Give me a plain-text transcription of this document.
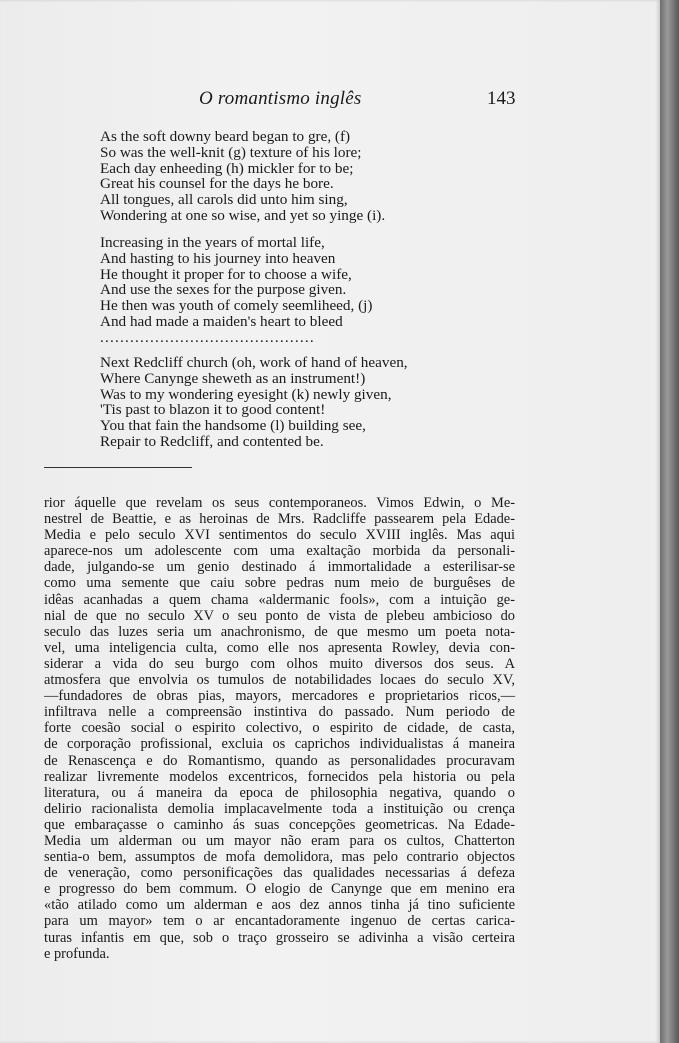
O romantismo inglês	143
As the soft downy beard began to gre, (f)
So was the well-knit (g) texture of his lore;
Each day enheeding (h) mickler for to be;
Great his counsel for the days he bore.
All tongues, all carols did unto him sing,
Wondering at one so wise, and yet so yinge (i).
Increasing in the years of mortal life,
And hasting to his journey into heaven
He thought it proper for to choose a wife,
And use the sexes for the purpose given.
He then was youth of comely seemliheed, (j)
And had made a maiden's heart to bleed
...........................................
Next Redcliff church (oh, work of hand of heaven,
Where Canynge sheweth as an instrument!)
Was to my wondering eyesight (k) newly given,
'Tis past to blazon it to good content!
You that fain the handsome (l) building see,
Repair to Redcliff, and contented be.
rior áquelle que revelam os seus contemporaneos. Vimos Edwin, o Me-
nestrel de Beattie, e as heroinas de Mrs. Radcliffe passearem pela Edade-
Media e pelo seculo XVI sentimentos do seculo XVIII inglês. Mas aqui
aparece-nos um adolescente com uma exaltação morbida da personali-
dade, julgando-se um genio destinado á immortalidade a esterilisar-se
como uma semente que caiu sobre pedras num meio de burguêses de
idêas acanhadas a quem chama «aldermanic fools», com a intuição ge-
nial de que no seculo XV o seu ponto de vista de plebeu ambicioso do
seculo das luzes seria um anachronismo, de que mesmo um poeta nota-
vel, uma inteligencia culta, como elle nos apresenta Rowley, devia con-
siderar a vida do seu burgo com olhos muito diversos dos seus. A
atmosfera que envolvia os tumulos de notabilidades locaes do seculo XV,
—fundadores de obras pias, mayors, mercadores e proprietarios ricos,—
infiltrava nelle a compreensão instintiva do passado. Num periodo de
forte coesão social o espirito colectivo, o espirito de cidade, de casta,
de corporação profissional, excluia os caprichos individualistas á maneira
de Renascença e do Romantismo, quando as personalidades procuravam
realizar livremente modelos excentricos, fornecidos pela historia ou pela
literatura, ou á maneira da epoca de philosophia negativa, quando o
delirio racionalista demolia implacavelmente toda a instituição ou crença
que embaraçasse o caminho ás suas concepções geometricas. Na Edade-
Media um alderman ou um mayor não eram para os cultos, Chatterton
sentia-o bem, assumptos de mofa demolidora, mas pelo contrario objectos
de veneração, como personificações das qualidades necessarias á defeza
e progresso do bem commum. O elogio de Canynge que em menino era
«tão atilado como um alderman e aos dez annos tinha já tino suficiente
para um mayor» tem o ar encantadoramente ingenuo de certas carica-
turas infantis em que, sob o traço grosseiro se adivinha a visão certeira
e profunda.
